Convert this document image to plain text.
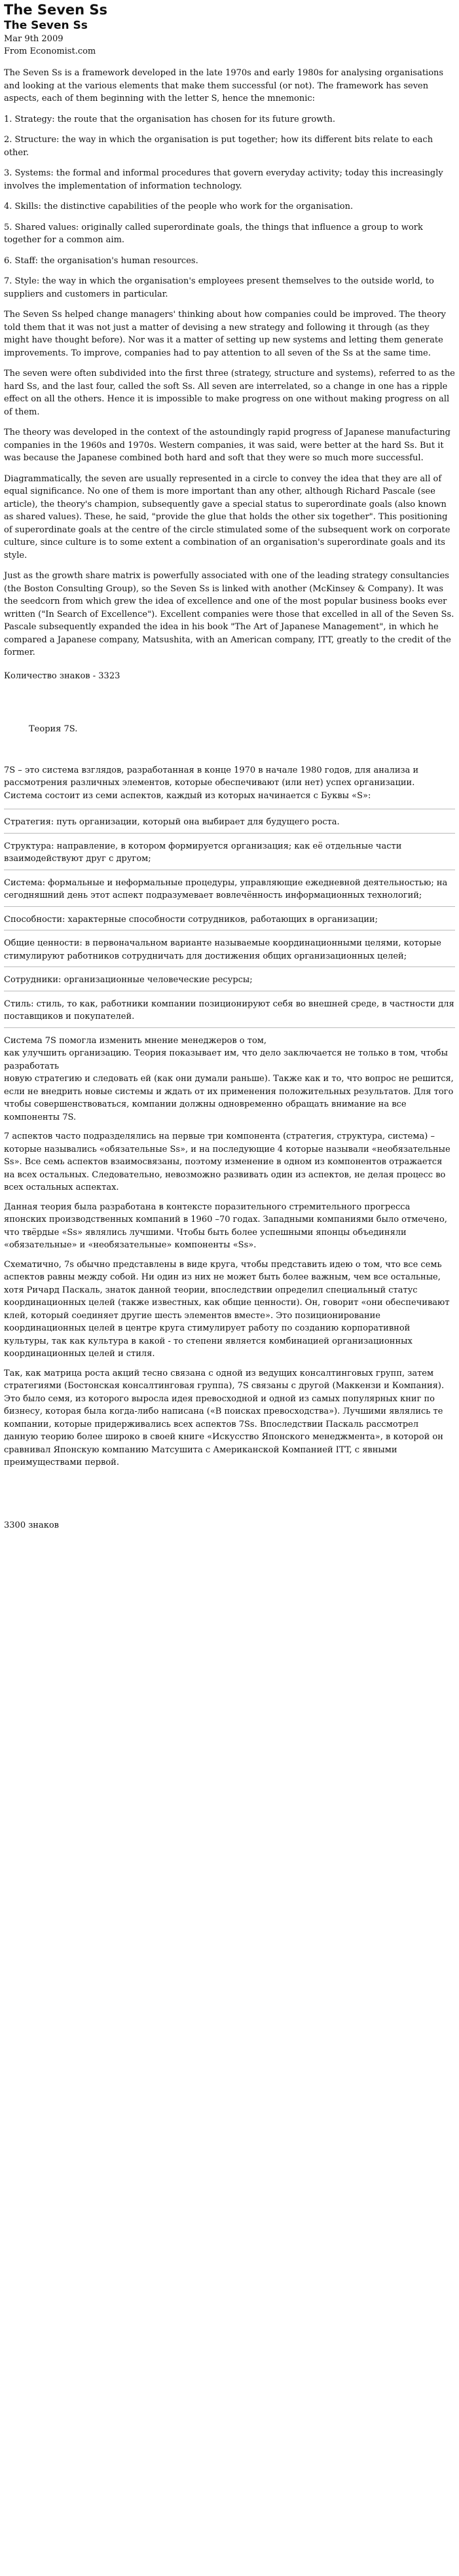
The Seven Ss
The Seven Ss

Mar 9th 2009

From Economist.com

The Seven Ss is a framework developed in the late 1970s and early 1980s for analysing organisations and looking at the various elements that make them successful (or not). The framework has seven aspects, each of them beginning with the letter S, hence the mnemonic:

1. Strategy: the route that the organisation has chosen for its future growth.

2. Structure: the way in which the organisation is put together; how its different bits relate to each other.

3. Systems: the formal and informal procedures that govern everyday activity; today this increasingly involves the implementation of information technology.

4. Skills: the distinctive capabilities of the people who work for the organisation.

5. Shared values: originally called superordinate goals, the things that influence a group to work together for a common aim.

6. Staff: the organisation's human resources.

7. Style: the way in which the organisation's employees present themselves to the outside world, to suppliers and customers in particular.

The Seven Ss helped change managers' thinking about how companies could be improved. The theory told them that it was not just a matter of devising a new strategy and following it through (as they might have thought before). Nor was it a matter of setting up new systems and letting them generate improvements. To improve, companies had to pay attention to all seven of the Ss at the same time.

The seven were often subdivided into the first three (strategy, structure and systems), referred to as the hard Ss, and the last four, called the soft Ss. All seven are interrelated, so a change in one has a ripple effect on all the others. Hence it is impossible to make progress on one without making progress on all of them.

The theory was developed in the context of the astoundingly rapid progress of Japanese manufacturing companies in the 1960s and 1970s. Western companies, it was said, were better at the hard Ss. But it was because the Japanese combined both hard and soft that they were so much more successful.

Diagrammatically, the seven are usually represented in a circle to convey the idea that they are all of equal significance. No one of them is more important than any other, although Richard Pascale (see article), the theory's champion, subsequently gave a special status to superordinate goals (also known as shared values). These, he said, "provide the glue that holds the other six together". This positioning of superordinate goals at the centre of the circle stimulated some of the subsequent work on corporate culture, since culture is to some extent a combination of an organisation's superordinate goals and its style.

Just as the growth share matrix is powerfully associated with one of the leading strategy consultancies (the Boston Consulting Group), so the Seven Ss is linked with another (McKinsey & Company). It was the seedcorn from which grew the idea of excellence and one of the most popular business books ever written ("In Search of Excellence"). Excellent companies were those that excelled in all of the Seven Ss. Pascale subsequently expanded the idea in his book "The Art of Japanese Management", in which he compared a Japanese company, Matsushita, with an American company, ITT, greatly to the credit of the former.

Количество знаков - 3323

Теория 7S.

7S – это система взглядов, разработанная в конце 1970 в начале 1980 годов, для анализа и рассмотрения различных элементов, которые обеспечивают (или нет) успех организации.
Система состоит из семи аспектов, каждый из которых начинается с Буквы «S»:

Стратегия: путь организации, который она выбирает для будущего роста.

Структура: направление, в котором формируется организация; как её отдельные части взаимодействуют друг с другом;

Система: формальные и неформальные процедуры, управляющие ежедневной деятельностью; на сегодняшний день этот аспект подразумевает вовлечённость информационных технологий;

Способности: характерные способности сотрудников, работающих в организации;

Общие ценности: в первоначальном варианте называемые координационными целями, которые стимулируют работников сотрудничать для достижения общих организационных целей;

Сотрудники: организационные человеческие ресурсы;

Стиль: стиль, то как, работники компании позиционируют себя во внешней среде, в частности для поставщиков и покупателей.

Система 7S помогла изменить мнение менеджеров о том,
как улучшить организацию. Теория показывает им, что дело заключается не только в том, чтобы разработать
новую стратегию и следовать ей (как они думали раньше). Также как и то, что вопрос не решится, если не внедрить новые системы и ждать от их применения положительных результатов. Для того чтобы совершенствоваться, компании должны одновременно обращать внимание на все компоненты 7S.

7 аспектов часто подразделялись на первые три компонента (стратегия, структура, система) – которые назывались «обязательные Ss», и на последующие 4 которые называли «необязательные Ss». Все семь аспектов взаимосвязаны, поэтому изменение в одном из компонентов отражается на всех остальных. Следовательно, невозможно развивать один из аспектов, не делая процесс во всех остальных аспектах.

Данная теория была разработана в контексте поразительного стремительного прогресса японских производственных компаний в 1960 –70 годах. Западными компаниями было отмечено, что твёрдые «Ss» являлись лучшими. Чтобы быть более успешными японцы объединяли «обязательные» и «необязательные» компоненты «Ss».

Схематично, 7s обычно представлены в виде круга, чтобы представить идею о том, что все семь аспектов равны между собой. Ни один из них не может быть более важным, чем все остальные, хотя Ричард Паскаль, знаток данной теории, впоследствии определил специальный статус координационных целей (также известных, как общие ценности). Он, говорит «они обеспечивают клей, который соединяет другие шесть элементов вместе». Это позиционирование координационных целей в центре круга стимулирует работу по созданию корпоративной культуры, так как культура в какой - то степени является комбинацией организационных координационных целей и стиля.

Так, как матрица роста акций тесно связана с одной из ведущих консалтинговых групп, затем стратегиями (Бостонская консалтинговая группа), 7S связаны с другой (Маккензи и Компания). Это было семя, из которого выросла идея превосходной и одной из самых популярных книг по бизнесу, которая была когда-либо написана («В поисках превосходства»). Лучшими являлись те компании, которые придерживались всех аспектов 7Ss. Впоследствии Паскаль рассмотрел данную теорию более широко в своей книге «Искусство Японского менеджмента», в которой он сравнивал Японскую компанию Матсушита с Американской Компанией ITT, с явными преимуществами первой.

3300 знаков
